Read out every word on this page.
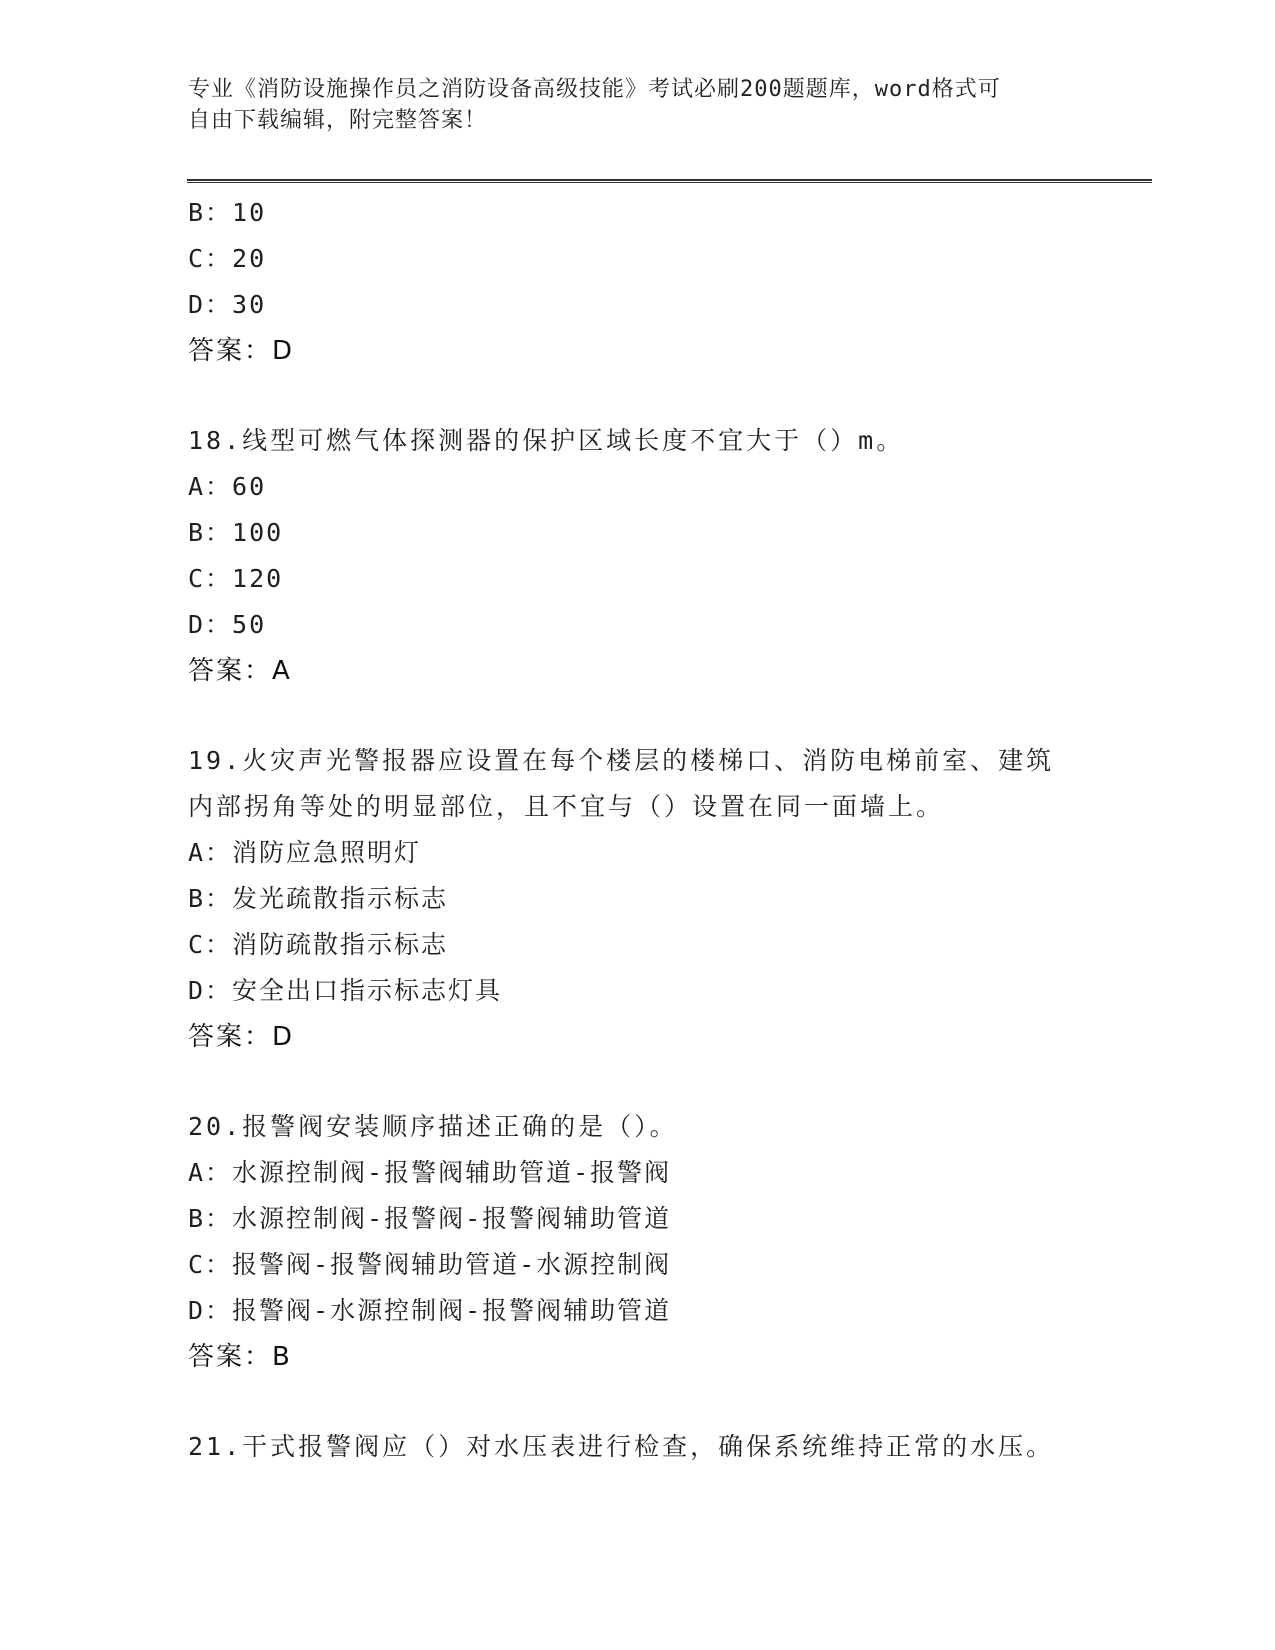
专业《消防设施操作员之消防设备高级技能》考试必刷200题题库，word格式可
自由下载编辑，附完整答案！
B：10
C：20
D：30
答案：D
18.线型可燃气体探测器的保护区域长度不宜大于（）m。
A：60
B：100
C：120
D：50
答案：A
19.火灾声光警报器应设置在每个楼层的楼梯口、消防电梯前室、建筑
内部拐角等处的明显部位，且不宜与（）设置在同一面墙上。
A：消防应急照明灯
B：发光疏散指示标志
C：消防疏散指示标志
D：安全出口指示标志灯具
答案：D
20.报警阀安装顺序描述正确的是（）。
A：水源控制阀-报警阀辅助管道-报警阀
B：水源控制阀-报警阀-报警阀辅助管道
C：报警阀-报警阀辅助管道-水源控制阀
D：报警阀-水源控制阀-报警阀辅助管道
答案：B
21.干式报警阀应（）对水压表进行检查，确保系统维持正常的水压。
